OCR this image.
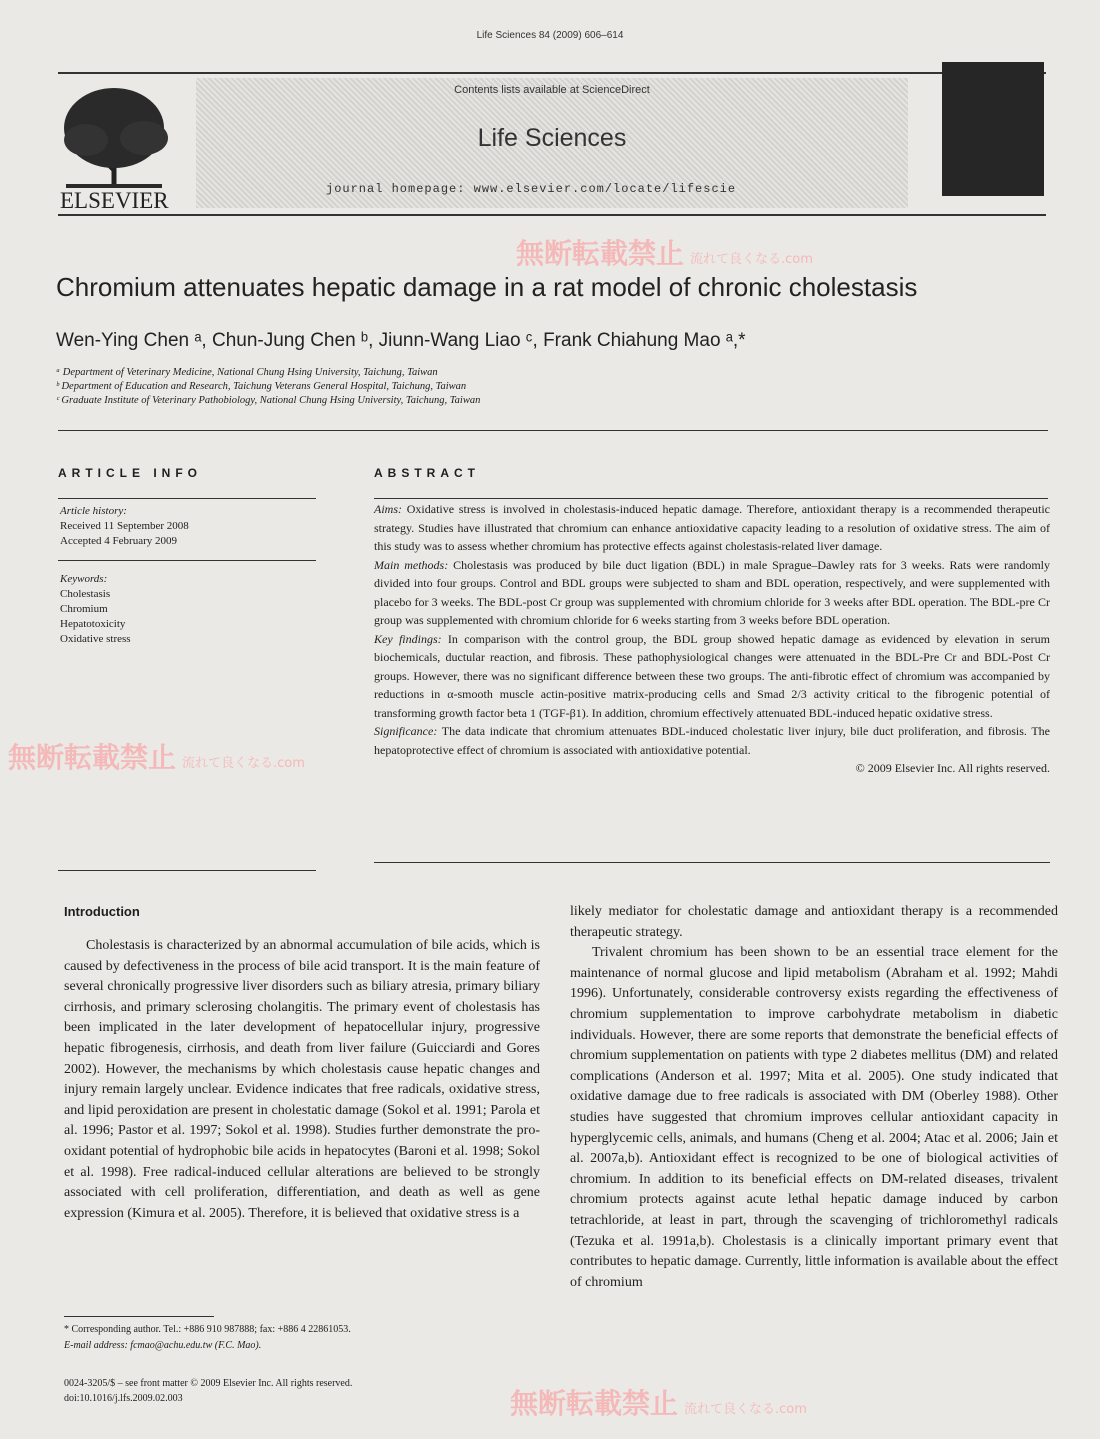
Life Sciences 84 (2009) 606–614
ELSEVIER
Contents lists available at ScienceDirect
Life Sciences
journal homepage: www.elsevier.com/locate/lifescie
無断転載禁止 流れて良くなる.com
無断転載禁止 流れて良くなる.com
無断転載禁止 流れて良くなる.com
Chromium attenuates hepatic damage in a rat model of chronic cholestasis
Wen-Ying Chen ᵃ, Chun-Jung Chen ᵇ, Jiunn-Wang Liao ᶜ, Frank Chiahung Mao ᵃ,*
ᵃ Department of Veterinary Medicine, National Chung Hsing University, Taichung, Taiwan
ᵇ Department of Education and Research, Taichung Veterans General Hospital, Taichung, Taiwan
ᶜ Graduate Institute of Veterinary Pathobiology, National Chung Hsing University, Taichung, Taiwan
ARTICLE INFO
Article history:
Received 11 September 2008
Accepted 4 February 2009
Keywords:
Cholestasis
Chromium
Hepatotoxicity
Oxidative stress
ABSTRACT

Aims: Oxidative stress is involved in cholestasis-induced hepatic damage. Therefore, antioxidant therapy is a recommended therapeutic strategy. Studies have illustrated that chromium can enhance antioxidative capacity leading to a resolution of oxidative stress. The aim of this study was to assess whether chromium has protective effects against cholestasis-related liver damage.

Main methods: Cholestasis was produced by bile duct ligation (BDL) in male Sprague–Dawley rats for 3 weeks. Rats were randomly divided into four groups. Control and BDL groups were subjected to sham and BDL operation, respectively, and were supplemented with placebo for 3 weeks. The BDL-post Cr group was supplemented with chromium chloride for 3 weeks after BDL operation. The BDL-pre Cr group was supplemented with chromium chloride for 6 weeks starting from 3 weeks before BDL operation.

Key findings: In comparison with the control group, the BDL group showed hepatic damage as evidenced by elevation in serum biochemicals, ductular reaction, and fibrosis. These pathophysiological changes were attenuated in the BDL-Pre Cr and BDL-Post Cr groups. However, there was no significant difference between these two groups. The anti-fibrotic effect of chromium was accompanied by reductions in α-smooth muscle actin-positive matrix-producing cells and Smad 2/3 activity critical to the fibrogenic potential of transforming growth factor beta 1 (TGF-β1). In addition, chromium effectively attenuated BDL-induced hepatic oxidative stress.

Significance: The data indicate that chromium attenuates BDL-induced cholestatic liver injury, bile duct proliferation, and fibrosis. The hepatoprotective effect of chromium is associated with antioxidative potential.

© 2009 Elsevier Inc. All rights reserved.

Introduction

Cholestasis is characterized by an abnormal accumulation of bile acids, which is caused by defectiveness in the process of bile acid transport. It is the main feature of several chronically progressive liver disorders such as biliary atresia, primary biliary cirrhosis, and primary sclerosing cholangitis. The primary event of cholestasis has been implicated in the later development of hepatocellular injury, progressive hepatic fibrogenesis, cirrhosis, and death from liver failure (Guicciardi and Gores 2002). However, the mechanisms by which cholestasis cause hepatic changes and injury remain largely unclear. Evidence indicates that free radicals, oxidative stress, and lipid peroxidation are present in cholestatic damage (Sokol et al. 1991; Parola et al. 1996; Pastor et al. 1997; Sokol et al. 1998). Studies further demonstrate the pro-oxidant potential of hydrophobic bile acids in hepatocytes (Baroni et al. 1998; Sokol et al. 1998). Free radical-induced cellular alterations are believed to be strongly associated with cell proliferation, differentiation, and death as well as gene expression (Kimura et al. 2005). Therefore, it is believed that oxidative stress is a

likely mediator for cholestatic damage and antioxidant therapy is a recommended therapeutic strategy.

Trivalent chromium has been shown to be an essential trace element for the maintenance of normal glucose and lipid metabolism (Abraham et al. 1992; Mahdi 1996). Unfortunately, considerable controversy exists regarding the effectiveness of chromium supplementation to improve carbohydrate metabolism in diabetic individuals. However, there are some reports that demonstrate the beneficial effects of chromium supplementation on patients with type 2 diabetes mellitus (DM) and related complications (Anderson et al. 1997; Mita et al. 2005). One study indicated that oxidative damage due to free radicals is associated with DM (Oberley 1988). Other studies have suggested that chromium improves cellular antioxidant capacity in hyperglycemic cells, animals, and humans (Cheng et al. 2004; Atac et al. 2006; Jain et al. 2007a,b). Antioxidant effect is recognized to be one of biological activities of chromium. In addition to its beneficial effects on DM-related diseases, trivalent chromium protects against acute lethal hepatic damage induced by carbon tetrachloride, at least in part, through the scavenging of trichloromethyl radicals (Tezuka et al. 1991a,b). Cholestasis is a clinically important primary event that contributes to hepatic damage. Currently, little information is available about the effect of chromium

* Corresponding author. Tel.: +886 910 987888; fax: +886 4 22861053.
E-mail address: fcmao@achu.edu.tw (F.C. Mao).
0024-3205/$ – see front matter © 2009 Elsevier Inc. All rights reserved.
doi:10.1016/j.lfs.2009.02.003
